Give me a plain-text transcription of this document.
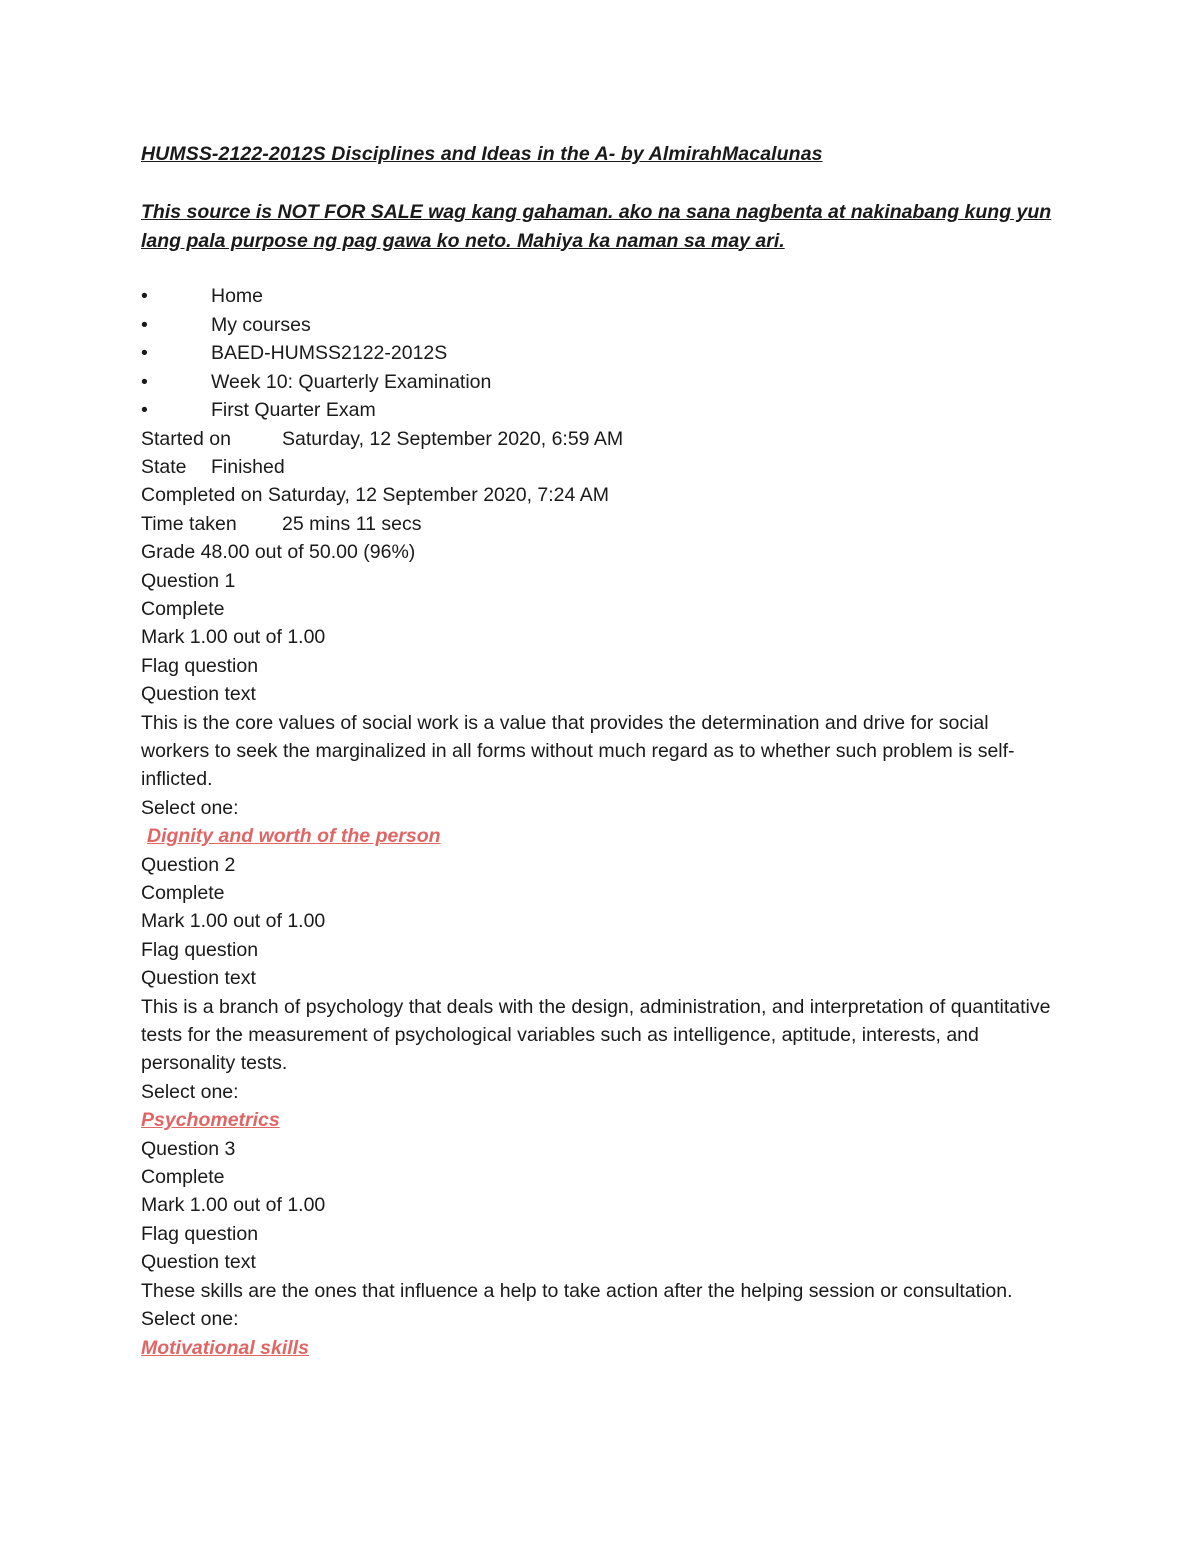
HUMSS-2122-2012S Disciplines and Ideas in the A- by AlmirahMacalunas
This source is NOT FOR SALE wag kang gahaman. ako na sana nagbenta at nakinabang kung yun lang pala purpose ng pag gawa ko neto. Mahiya ka naman sa may ari.
•	Home
•	My courses
•	BAED-HUMSS2122-2012S
•	Week 10: Quarterly Examination
•	First Quarter Exam

Started on	Saturday, 12 September 2020, 6:59 AM

State Finished

Completed on Saturday, 12 September 2020, 7:24 AM

Time taken 25 mins 11 secs

Grade 48.00 out of 50.00 (96%)

Question 1

Complete

Mark 1.00 out of 1.00

Flag question

Question text

This is the core values of social work is a value that provides the determination and drive for social workers to seek the marginalized in all forms without much regard as to whether such problem is self-inflicted.

Select one:

Dignity and worth of the person

Question 2

Complete

Mark 1.00 out of 1.00

Flag question

Question text

This is a branch of psychology that deals with the design, administration, and interpretation of quantitative tests for the measurement of psychological variables such as intelligence, aptitude, interests, and personality tests.

Select one:

Psychometrics

Question 3

Complete

Mark 1.00 out of 1.00

Flag question

Question text

These skills are the ones that influence a help to take action after the helping session or consultation.

Select one:

Motivational skills
